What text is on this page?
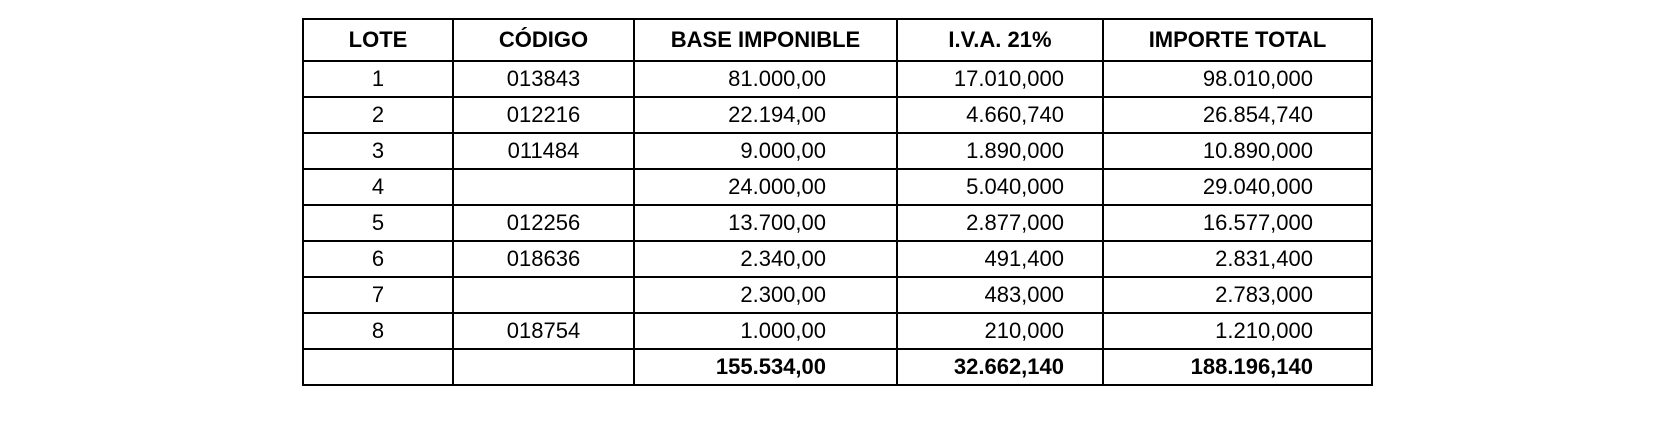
LOTE	CÓDIGO	BASE IMPONIBLE	I.V.A. 21%	IMPORTE TOTAL
1	013843	81.000,00	17.010,000	98.010,000
2	012216	22.194,00	4.660,740	26.854,740
3	011484	9.000,00	1.890,000	10.890,000
4		24.000,00	5.040,000	29.040,000
5	012256	13.700,00	2.877,000	16.577,000
6	018636	2.340,00	491,400	2.831,400
7		2.300,00	483,000	2.783,000
8	018754	1.000,00	210,000	1.210,000
		155.534,00	32.662,140	188.196,140
